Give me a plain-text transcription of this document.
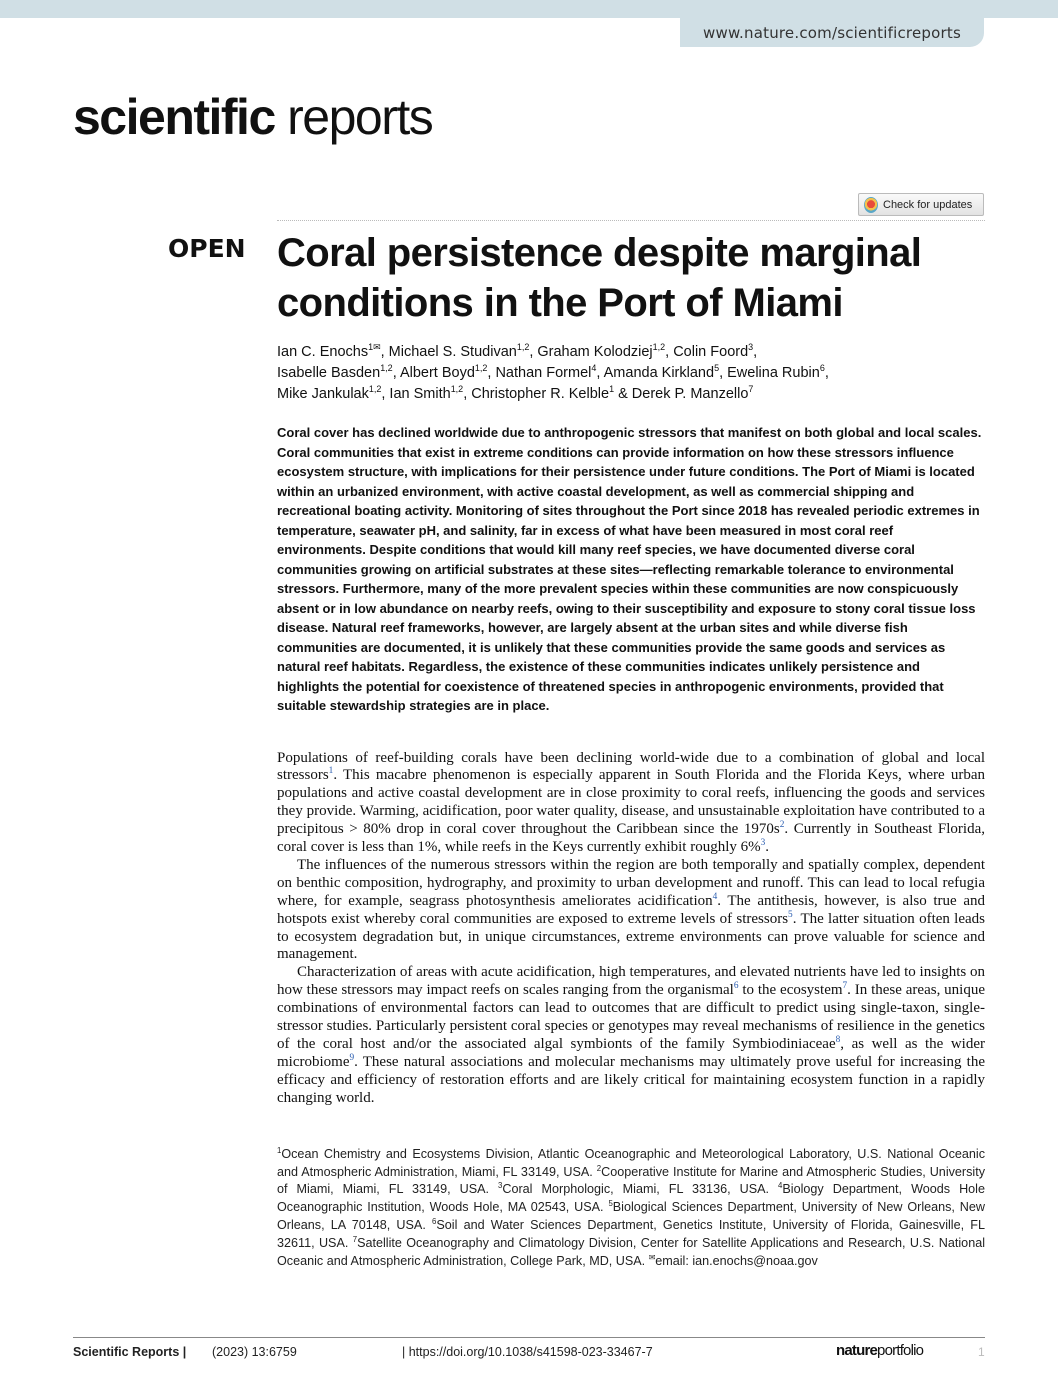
www.nature.com/scientificreports
scientific reports
Check for updates
OPEN Coral persistence despite marginal conditions in the Port of Miami
Ian C. Enochs$^{1✉}$, Michael S. Studivan$^{1,2}$, Graham Kolodziej$^{1,2}$, Colin Foord$^3$,
Isabelle Basden$^{1,2}$, Albert Boyd$^{1,2}$, Nathan Formel$^4$, Amanda Kirkland$^5$, Ewelina Rubin$^6$,
Mike Jankulak$^{1,2}$, Ian Smith$^{1,2}$, Christopher R. Kelble$^1$ & Derek P. Manzello$^7$
Coral cover has declined worldwide due to anthropogenic stressors that manifest on both global and local scales. Coral communities that exist in extreme conditions can provide information on how these stressors influence ecosystem structure, with implications for their persistence under future conditions. The Port of Miami is located within an urbanized environment, with active coastal development, as well as commercial shipping and recreational boating activity. Monitoring of sites throughout the Port since 2018 has revealed periodic extremes in temperature, seawater pH, and salinity, far in excess of what have been measured in most coral reef environments. Despite conditions that would kill many reef species, we have documented diverse coral communities growing on artificial substrates at these sites—reflecting remarkable tolerance to environmental stressors. Furthermore, many of the more prevalent species within these communities are now conspicuously absent or in low abundance on nearby reefs, owing to their susceptibility and exposure to stony coral tissue loss disease. Natural reef frameworks, however, are largely absent at the urban sites and while diverse fish communities are documented, it is unlikely that these communities provide the same goods and services as natural reef habitats. Regardless, the existence of these communities indicates unlikely persistence and highlights the potential for coexistence of threatened species in anthropogenic environments, provided that suitable stewardship strategies are in place.

Populations of reef-building corals have been declining world-wide due to a combination of global and local stressors$^1$. This macabre phenomenon is especially apparent in South Florida and the Florida Keys, where urban populations and active coastal development are in close proximity to coral reefs, influencing the goods and services they provide. Warming, acidification, poor water quality, disease, and unsustainable exploitation have contributed to a precipitous > 80% drop in coral cover throughout the Caribbean since the 1970s$^2$. Currently in Southeast Florida, coral cover is less than 1%, while reefs in the Keys currently exhibit roughly 6%$^3$.

The influences of the numerous stressors within the region are both temporally and spatially complex, dependent on benthic composition, hydrography, and proximity to urban development and runoff. This can lead to local refugia where, for example, seagrass photosynthesis ameliorates acidification$^4$. The antithesis, however, is also true and hotspots exist whereby coral communities are exposed to extreme levels of stressors$^5$. The latter situation often leads to ecosystem degradation but, in unique circumstances, extreme environments can prove valuable for science and management.

Characterization of areas with acute acidification, high temperatures, and elevated nutrients have led to insights on how these stressors may impact reefs on scales ranging from the organismal$^6$ to the ecosystem$^7$. In these areas, unique combinations of environmental factors can lead to outcomes that are difficult to predict using single-taxon, single-stressor studies. Particularly persistent coral species or genotypes may reveal mechanisms of resilience in the genetics of the coral host and/or the associated algal symbionts of the family Symbiodiniaceae$^8$, as well as the wider microbiome$^9$. These natural associations and molecular mechanisms may ultimately prove useful for increasing the efficacy and efficiency of restoration efforts and are likely critical for maintaining ecosystem function in a rapidly changing world.

$^1$Ocean Chemistry and Ecosystems Division, Atlantic Oceanographic and Meteorological Laboratory, U.S. National Oceanic and Atmospheric Administration, Miami, FL 33149, USA. $^2$Cooperative Institute for Marine and Atmospheric Studies, University of Miami, Miami, FL 33149, USA. $^3$Coral Morphologic, Miami, FL 33136, USA. $^4$Biology Department, Woods Hole Oceanographic Institution, Woods Hole, MA 02543, USA. $^5$Biological Sciences Department, University of New Orleans, New Orleans, LA 70148, USA. $^6$Soil and Water Sciences Department, Genetics Institute, University of Florida, Gainesville, FL 32611, USA. $^7$Satellite Oceanography and Climatology Division, Center for Satellite Applications and Research, U.S. National Oceanic and Atmospheric Administration, College Park, MD, USA. ✉email: ian.enochs@noaa.gov
Scientific Reports | (2023) 13:6759	| https://doi.org/10.1038/s41598-023-33467-7	natureportfolio	1
